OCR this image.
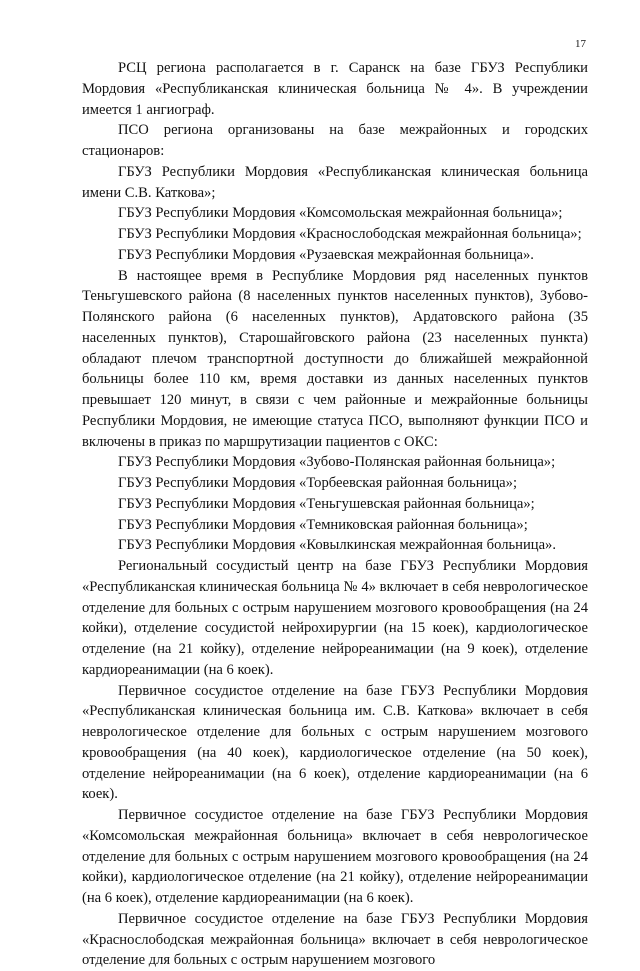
17

РСЦ региона располагается в г. Саранск на базе ГБУЗ Республики Мордовия «Республиканская клиническая больница № 4». В учреждении имеется 1 ангиограф.

ПСО региона организованы на базе межрайонных и городских стационаров:

ГБУЗ Республики Мордовия «Республиканская клиническая больница имени С.В. Каткова»;

ГБУЗ Республики Мордовия «Комсомольская межрайонная больница»;

ГБУЗ Республики Мордовия «Краснослободская межрайонная больница»;

ГБУЗ Республики Мордовия «Рузаевская межрайонная больница».

В настоящее время в Республике Мордовия ряд населенных пунктов Теньгушевского района (8 населенных пунктов населенных пунктов), Зубово-Полянского района (6 населенных пунктов), Ардатовского района (35 населенных пунктов), Старошайговского района (23 населенных пункта) обладают плечом транспортной доступности до ближайшей межрайонной больницы более 110 км, время доставки из данных населенных пунктов превышает 120 минут, в связи с чем районные и межрайонные больницы Республики Мордовия, не имеющие статуса ПСО, выполняют функции ПСО и включены в приказ по маршрутизации пациентов с ОКС:

ГБУЗ Республики Мордовия «Зубово-Полянская районная больница»;

ГБУЗ Республики Мордовия «Торбеевская районная больница»;

ГБУЗ Республики Мордовия «Теньгушевская районная больница»;

ГБУЗ Республики Мордовия «Темниковская районная больница»;

ГБУЗ Республики Мордовия «Ковылкинская межрайонная больница».

Региональный сосудистый центр на базе ГБУЗ Республики Мордовия «Республиканская клиническая больница № 4» включает в себя неврологическое отделение для больных с острым нарушением мозгового кровообращения (на 24 койки), отделение сосудистой нейрохирургии (на 15 коек), кардиологическое отделение (на 21 койку), отделение нейрореанимации (на 9 коек), отделение кардиореанимации (на 6 коек).

Первичное сосудистое отделение на базе ГБУЗ Республики Мордовия «Республиканская клиническая больница им. С.В. Каткова» включает в себя неврологическое отделение для больных с острым нарушением мозгового кровообращения (на 40 коек), кардиологическое отделение (на 50 коек), отделение нейрореанимации (на 6 коек), отделение кардиореанимации (на 6 коек).

Первичное сосудистое отделение на базе ГБУЗ Республики Мордовия «Комсомольская межрайонная больница» включает в себя неврологическое отделение для больных с острым нарушением мозгового кровообращения (на 24 койки), кардиологическое отделение (на 21 койку), отделение нейрореанимации (на 6 коек), отделение кардиореанимации (на 6 коек).

Первичное сосудистое отделение на базе ГБУЗ Республики Мордовия «Краснослободская межрайонная больница» включает в себя неврологическое отделение для больных с острым нарушением мозгового
